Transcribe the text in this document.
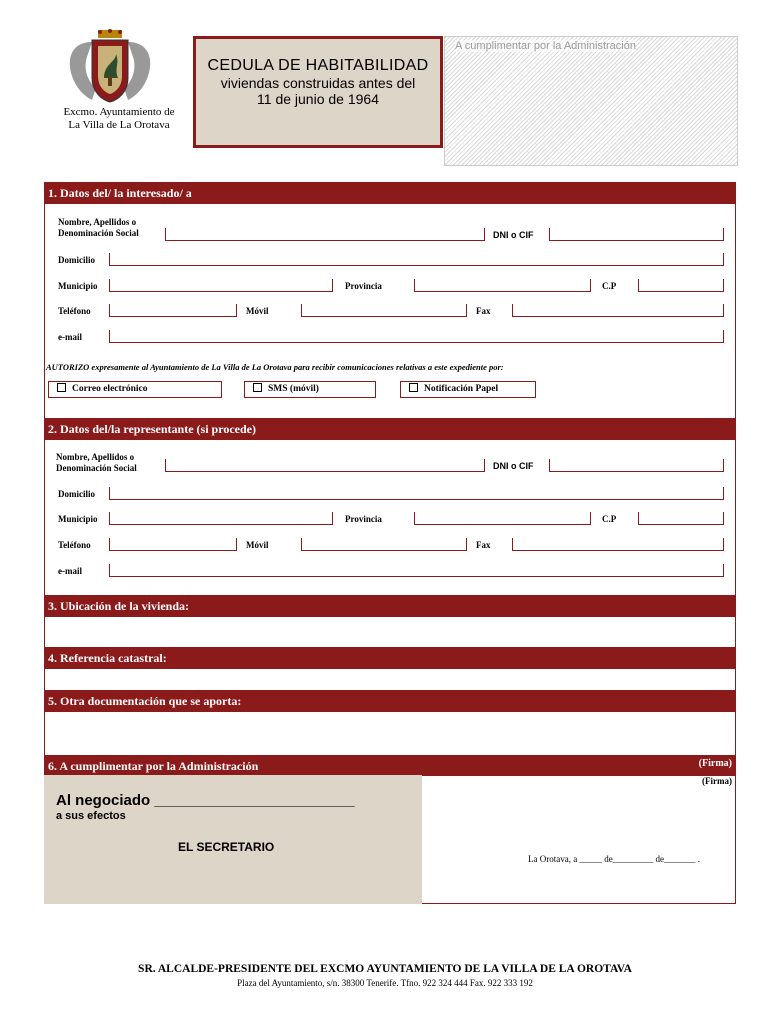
Excmo. Ayuntamiento de
La Villa de La Orotava
CEDULA DE HABITABILIDAD
viviendas construidas antes del
11 de junio de 1964
A cumplimentar por la Administración
1. Datos del/ la interesado/ a
Nombre, Apellidos o
Denominación Social	DNI o CIF
Domicilio
Municipio	Provincia	C.P
Teléfono	Móvil	Fax
e-mail
AUTORIZO expresamente al Ayuntamiento de La Villa de La Orotava para recibir comunicaciones relativas a este expediente por:
Correo electrónico	SMS (móvil)	Notificación Papel
2. Datos del/la representante (si procede)
Nombre, Apellidos o
Denominación Social	DNI o CIF
Domicilio
Municipio	Provincia	C.P
Teléfono	Móvil	Fax
e-mail
3. Ubicación de la vivienda:
4. Referencia catastral:
5. Otra documentación que se aporta:
6. A cumplimentar por la Administración	(Firma)
Al negociado ________________________
a sus efectos
EL SECRETARIO
(Firma)
La Orotava, a _____ de_________ de_______ .
SR. ALCALDE-PRESIDENTE DEL EXCMO AYUNTAMIENTO DE LA VILLA DE LA OROTAVA
Plaza del Ayuntamiento, s/n. 38300 Tenerife. Tfno. 922 324 444 Fax. 922 333 192
